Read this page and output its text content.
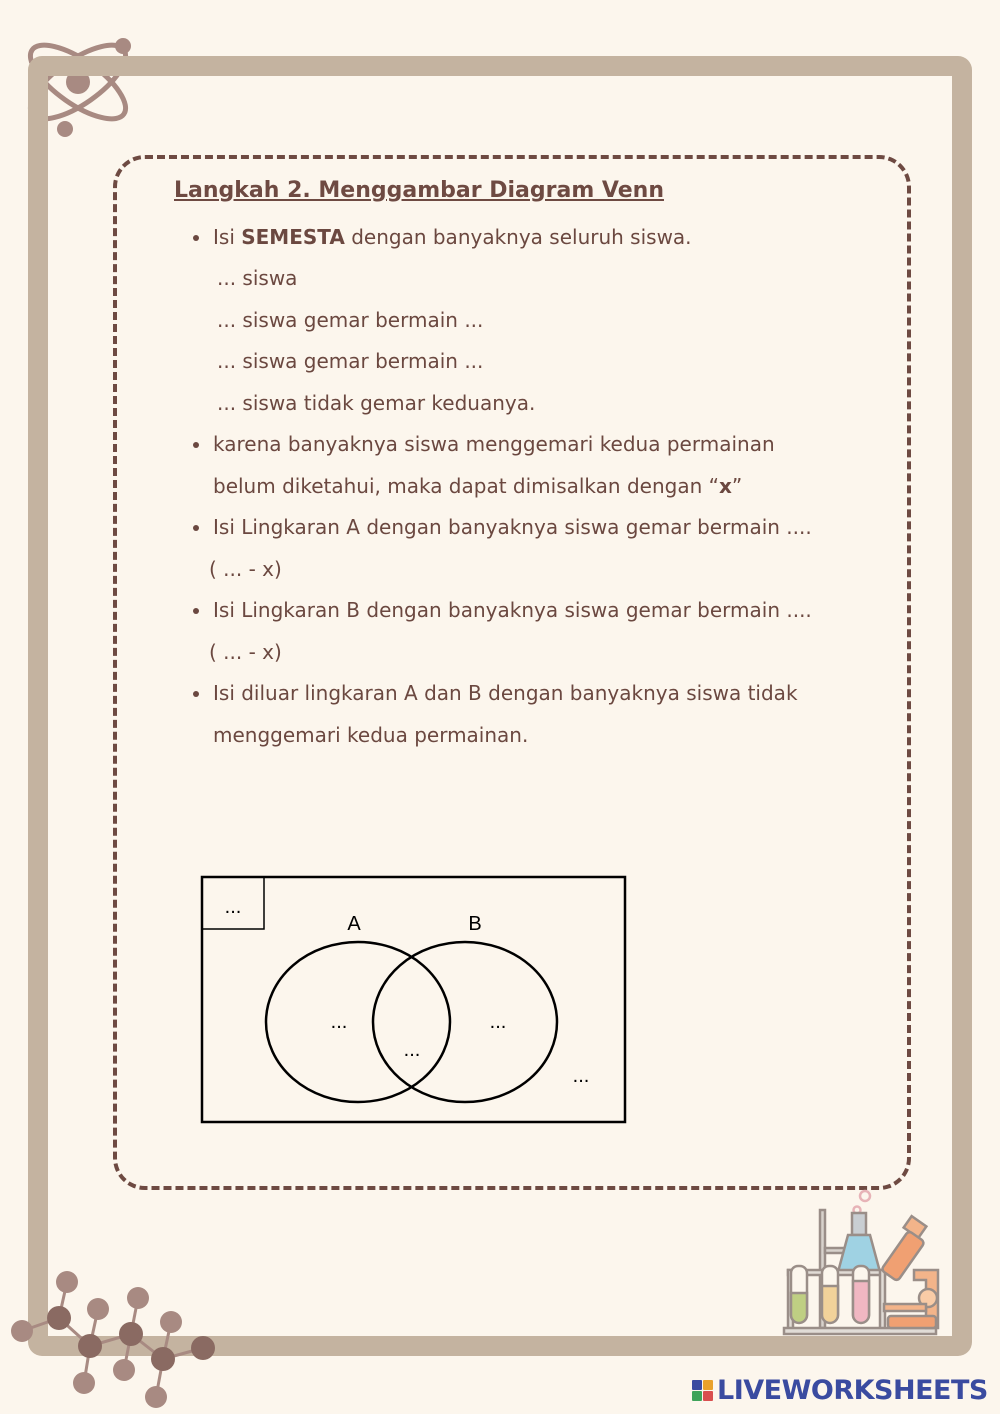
Langkah 2. Menggambar Diagram Venn
Isi SEMESTA dengan banyaknya seluruh siswa.
... siswa
... siswa gemar bermain ...
... siswa gemar bermain ...
... siswa tidak gemar keduanya.
karena banyaknya siswa menggemari kedua permainan
belum diketahui, maka dapat dimisalkan dengan “x”
Isi Lingkaran A dengan banyaknya siswa gemar bermain ....
( ... - x)
Isi Lingkaran B dengan banyaknya siswa gemar bermain ....
( ... - x)
Isi diluar lingkaran A dan B dengan banyaknya siswa tidak
menggemari kedua permainan.
...
A	B
...
...
...
...
LIVEWORKSHEETS
